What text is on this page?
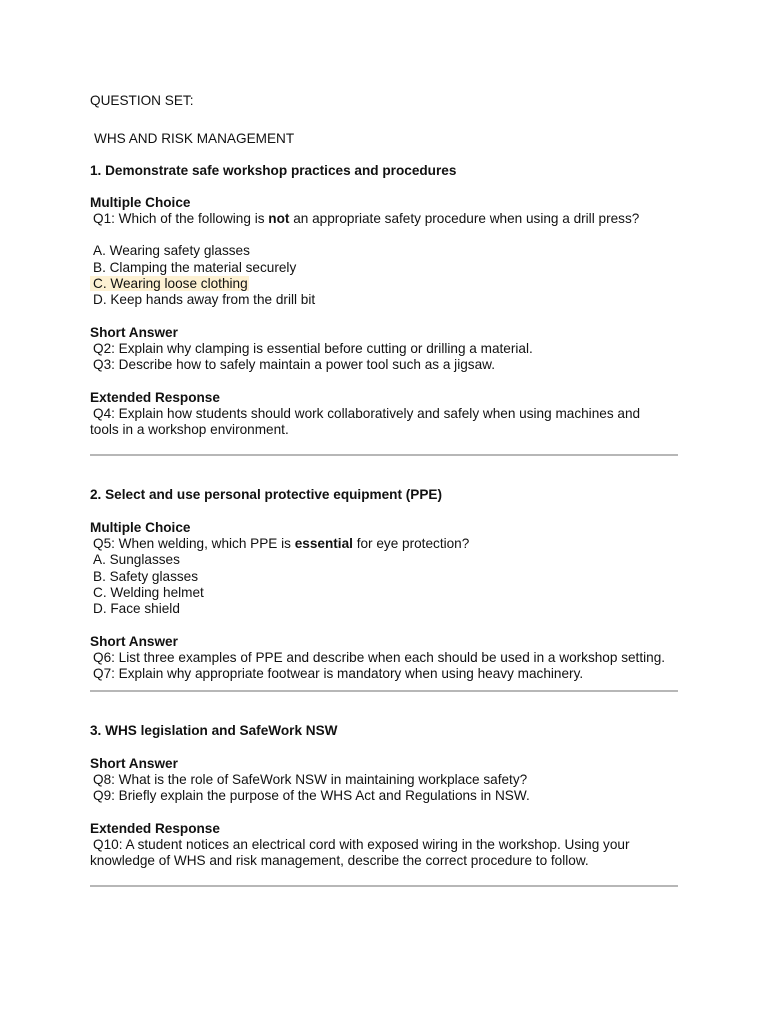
QUESTION SET:

WHS AND RISK MANAGEMENT

1. Demonstrate safe workshop practices and procedures

Multiple Choice

Q1: Which of the following is not an appropriate safety procedure when using a drill press?

A. Wearing safety glasses

B. Clamping the material securely

C. Wearing loose clothing

D. Keep hands away from the drill bit

Short Answer

Q2: Explain why clamping is essential before cutting or drilling a material.

Q3: Describe how to safely maintain a power tool such as a jigsaw.

Extended Response

Q4: Explain how students should work collaboratively and safely when using machines and tools in a workshop environment.

2. Select and use personal protective equipment (PPE)

Multiple Choice

Q5: When welding, which PPE is essential for eye protection?

A. Sunglasses

B. Safety glasses

C. Welding helmet

D. Face shield

Short Answer

Q6: List three examples of PPE and describe when each should be used in a workshop setting.

Q7: Explain why appropriate footwear is mandatory when using heavy machinery.

3. WHS legislation and SafeWork NSW

Short Answer

Q8: What is the role of SafeWork NSW in maintaining workplace safety?

Q9: Briefly explain the purpose of the WHS Act and Regulations in NSW.

Extended Response

Q10: A student notices an electrical cord with exposed wiring in the workshop. Using your knowledge of WHS and risk management, describe the correct procedure to follow.
